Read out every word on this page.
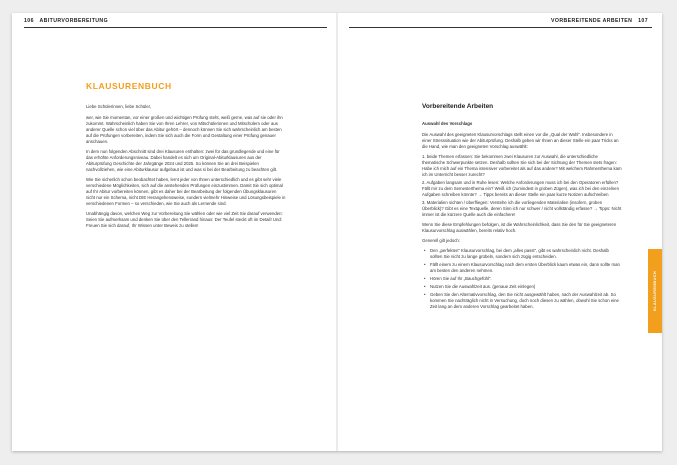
106 ABITURVORBEREITUNG
KLAUSURENBUCH

Liebe Schülerinnen, liebe Schüler,

wer, wie Sie momentan, vor einer großen und wichtigen Prüfung steht, weiß gerne, was auf sie oder ihn zukommt. Wahrscheinlich haben Sie von Ihren Lehrer, von Mitschülerinnen und Mitschülern oder aus anderer Quelle schon viel über das Abitur gehört – dennoch können Sie sich wahrscheinlich am besten auf die Prüfungen vorbereiten, indem Sie sich auch die Form und Gestaltung einer Prüfung genauer anschauen.

In dem nun folgenden Abschnitt sind drei Klausuren enthalten: zwei für das grundlegende und eine für das erhöhte Anforderungsniveau. Dabei handelt es sich um Original-Abiturklausuren aus der Abiturprüfung Geschichte der Jahrgänge 2024 und 2025. So können Sie an drei Beispielen nachvollziehen, wie eine Abiturklausur aufgebaut ist und was si bei der Bearbeitung zu beachten gilt.

Wie Sie sicherlich schon beobachtet haben, lernt jeder von Ihnen unterschiedlich und es gibt sehr viele verschiedene Möglichkeiten, sich auf die anstehenden Prüfungen einzustimmen. Damit Sie sich optimal auf Ihr Abitur vorbereiten können, gibt es daher bei der Bearbeitung der folgenden Übungsklausuren nicht nur ein Schema, nicht DIE Herangehensweise, sondern vielmehr Hinweise und Lösungsbeispiele in verschiedenen Formen – so verschieden, wie Sie auch als Lernende sind.

Unabhängig davon, welchen Weg zur Vorbereitung Sie wählen oder wie viel Zeit Sie darauf verwenden: Seien Sie aufmerksam und denken Sie über den Tellerrand hinaus: Der Teufel steckt oft im Detail! Und: Freuen Sie sich darauf, Ihr Wissen unter Beweis zu stellen!

VORBEREITENDE ARBEITEN 107
Vorbereitende Arbeiten

Auswahl des Vorschlags

Die Auswahl des geeigneten Klausurvorschlags stellt einen vor die „Qual der Wahl“. Insbesondere in einer Stresssituation wie der Abiturprüfung. Deshalb geben wir Ihnen an dieser Stelle ein paar Tricks an die Hand, wie man den geeigneten Vorschlag auswählt:

1. beide Themen erfassen: Sie bekommen zwei Klausuren zur Auswahl, die unterschiedliche thematische Schwerpunkte setzen. Deshalb sollten Sie sich bei der Sichtung der Themen stets fragen: Habe ich mich auf ein Thema intensiver vorbereitet als auf das andere? Mit welchem Rahmenthema kam ich im Unterricht besser zurecht?
2. Aufgaben langsam und in Ruhe lesen: Welche Anforderungen muss ich bei den Operatoren erfüllen? Fällt mir zu dem Semesterthema ein? Weiß ich (zumindest in groben Zügen), was ich bei den einzelnen Aufgaben schreiben könnte? → Tipps bereits an dieser Stelle ein paar kurze Notizen aufschreiben
3. Materialien sichten / überfliegen: Verstehe ich die vorliegenden Materialien (insofern, groben Überblick)? Gibt es eine Textquelle, deren Sinn ich nur schwer / nicht vollständig erfasse? → Tipps: Nicht immer ist die kürzere Quelle auch die einfachere!

Wenn Sie diese Empfehlungen befolgen, ist die Wahrscheinlichkeit, dass Sie den für Sie geeigneteren Klausurvorschlag auswählen, bereits relativ hoch.

Generell gilt jedoch:

• Den „perfekten“ Klausurvorschlag, bei dem „alles passt“, gibt es wahrscheinlich nicht. Deshalb sollten Sie nicht zu lange grübeln, sondern sich zügig entscheiden.
• Fällt einem zu einem Klausurvorschlag nach dem ersten Überblick kaum etwas ein, dann sollte man am besten den anderen nehmen.
• Hören Sie auf Ihr „Bauchgefühl“.
• Nutzen Sie die Auswahlzeit aus. (genaue Zeit einlegen)
• Geben Sie den Alternativvorschlag, den Sie nicht ausgewählt haben, nach der Auswahlzeit ab. So kommen Sie nachträglich nicht in Versuchung, doch noch diesen zu wählen, obwohl Sie schon eine Zeit lang an dem anderen Vorschlag gearbeitet haben.	KLAUSURENBUCH
